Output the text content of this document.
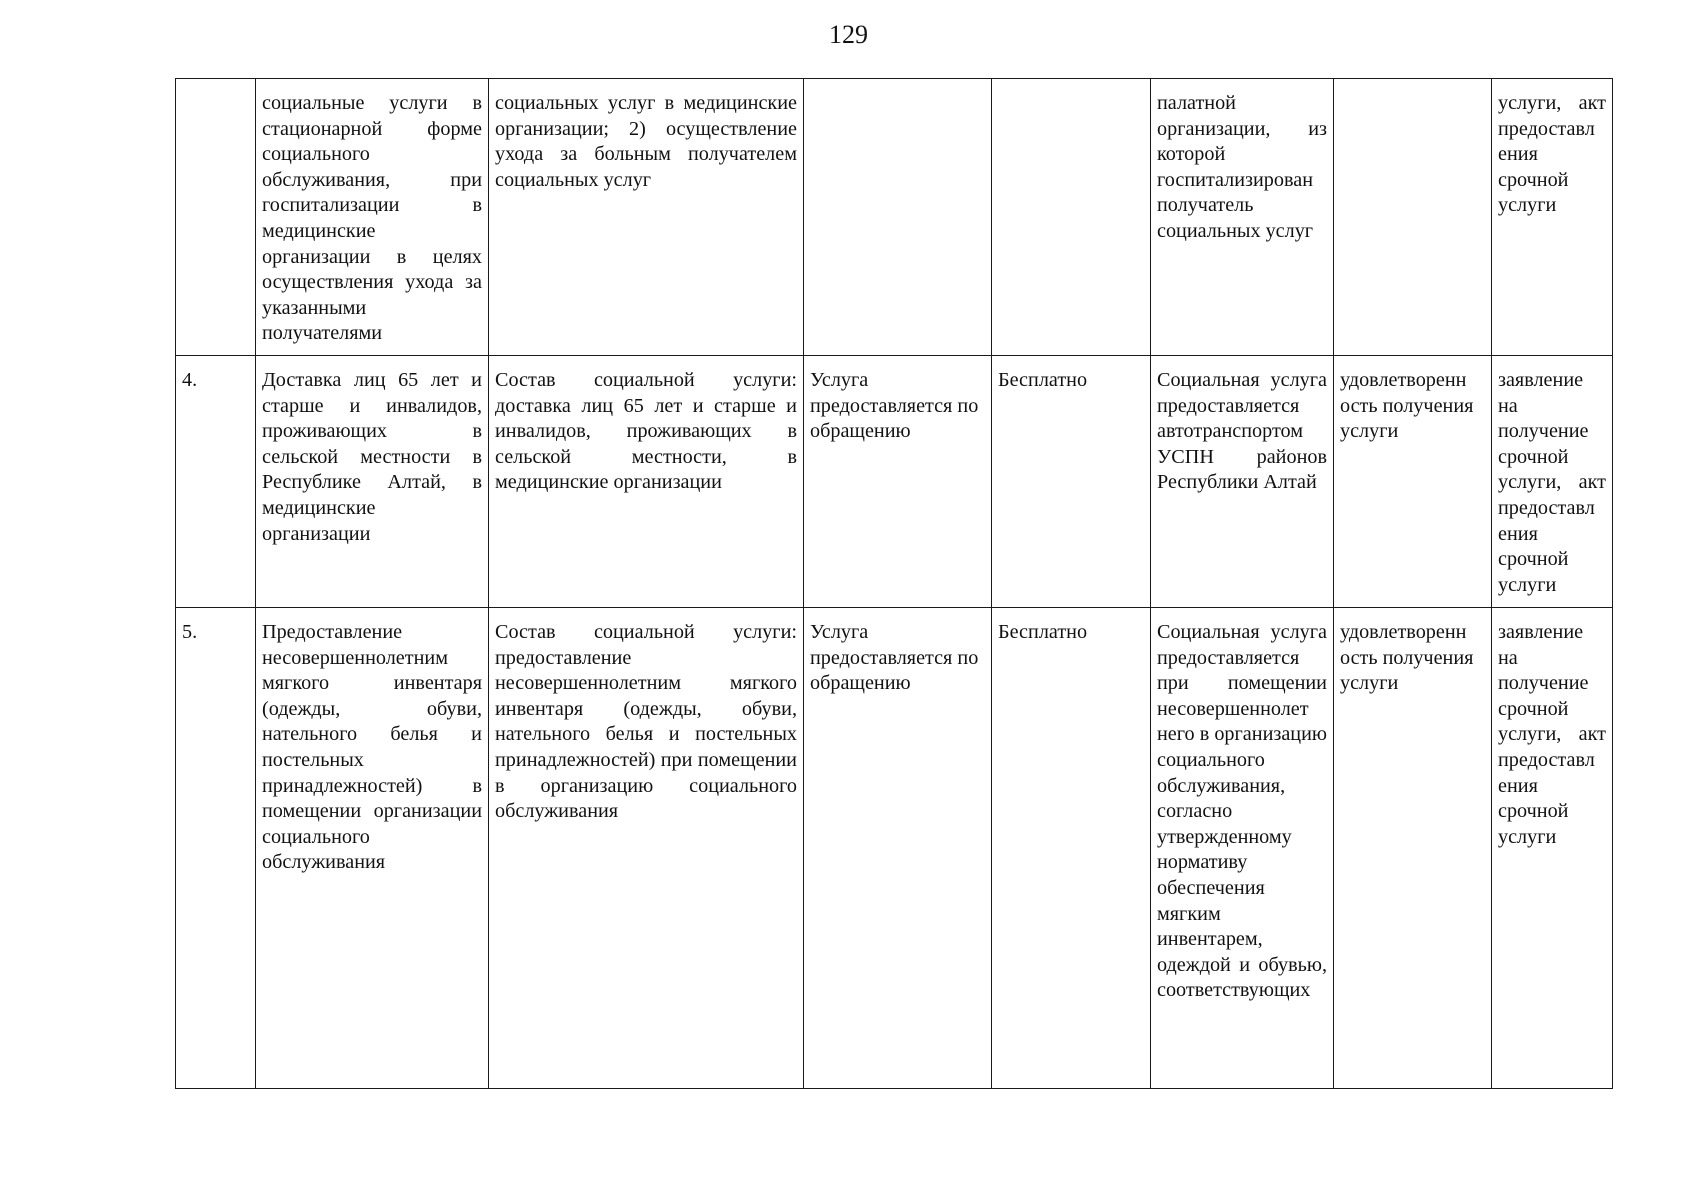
129
	социальные услуги в стационарной форме социального обслуживания, при госпитализации в медицинские организации в целях осуществления ухода за указанными получателями	социальных услуг в медицинские организации; 2) осуществление ухода за больным получателем социальных услуг			палатной организации, из которой госпитализирован получатель социальных услуг		услуги, акт предоставл ения срочной услуги
4.	Доставка лиц 65 лет и старше и инвалидов, проживающих в сельской местности в Республике Алтай, в медицинские организации	Состав социальной услуги: доставка лиц 65 лет и старше и инвалидов, проживающих в сельской местности, в медицинские организации	Услуга предоставляется по обращению	Бесплатно	Социальная услуга предоставляется автотранспортом УСПН районов Республики Алтай	удовлетворенн ость получения услуги	заявление на получение срочной услуги, акт предоставл ения срочной услуги
5.	Предоставление несовершеннолетним мягкого инвентаря (одежды, обуви, нательного белья и постельных принадлежностей) в помещении организации социального обслуживания	Состав социальной услуги: предоставление несовершеннолетним мягкого инвентаря (одежды, обуви, нательного белья и постельных принадлежностей) при помещении в организацию социального обслуживания	Услуга предоставляется по обращению	Бесплатно	Социальная услуга предоставляется при помещении несовершеннолет него в организацию социального обслуживания, согласно утвержденному нормативу обеспечения мягким инвентарем, одеждой и обувью, соответствующих	удовлетворенн ость получения услуги	заявление на получение срочной услуги, акт предоставл ения срочной услуги
